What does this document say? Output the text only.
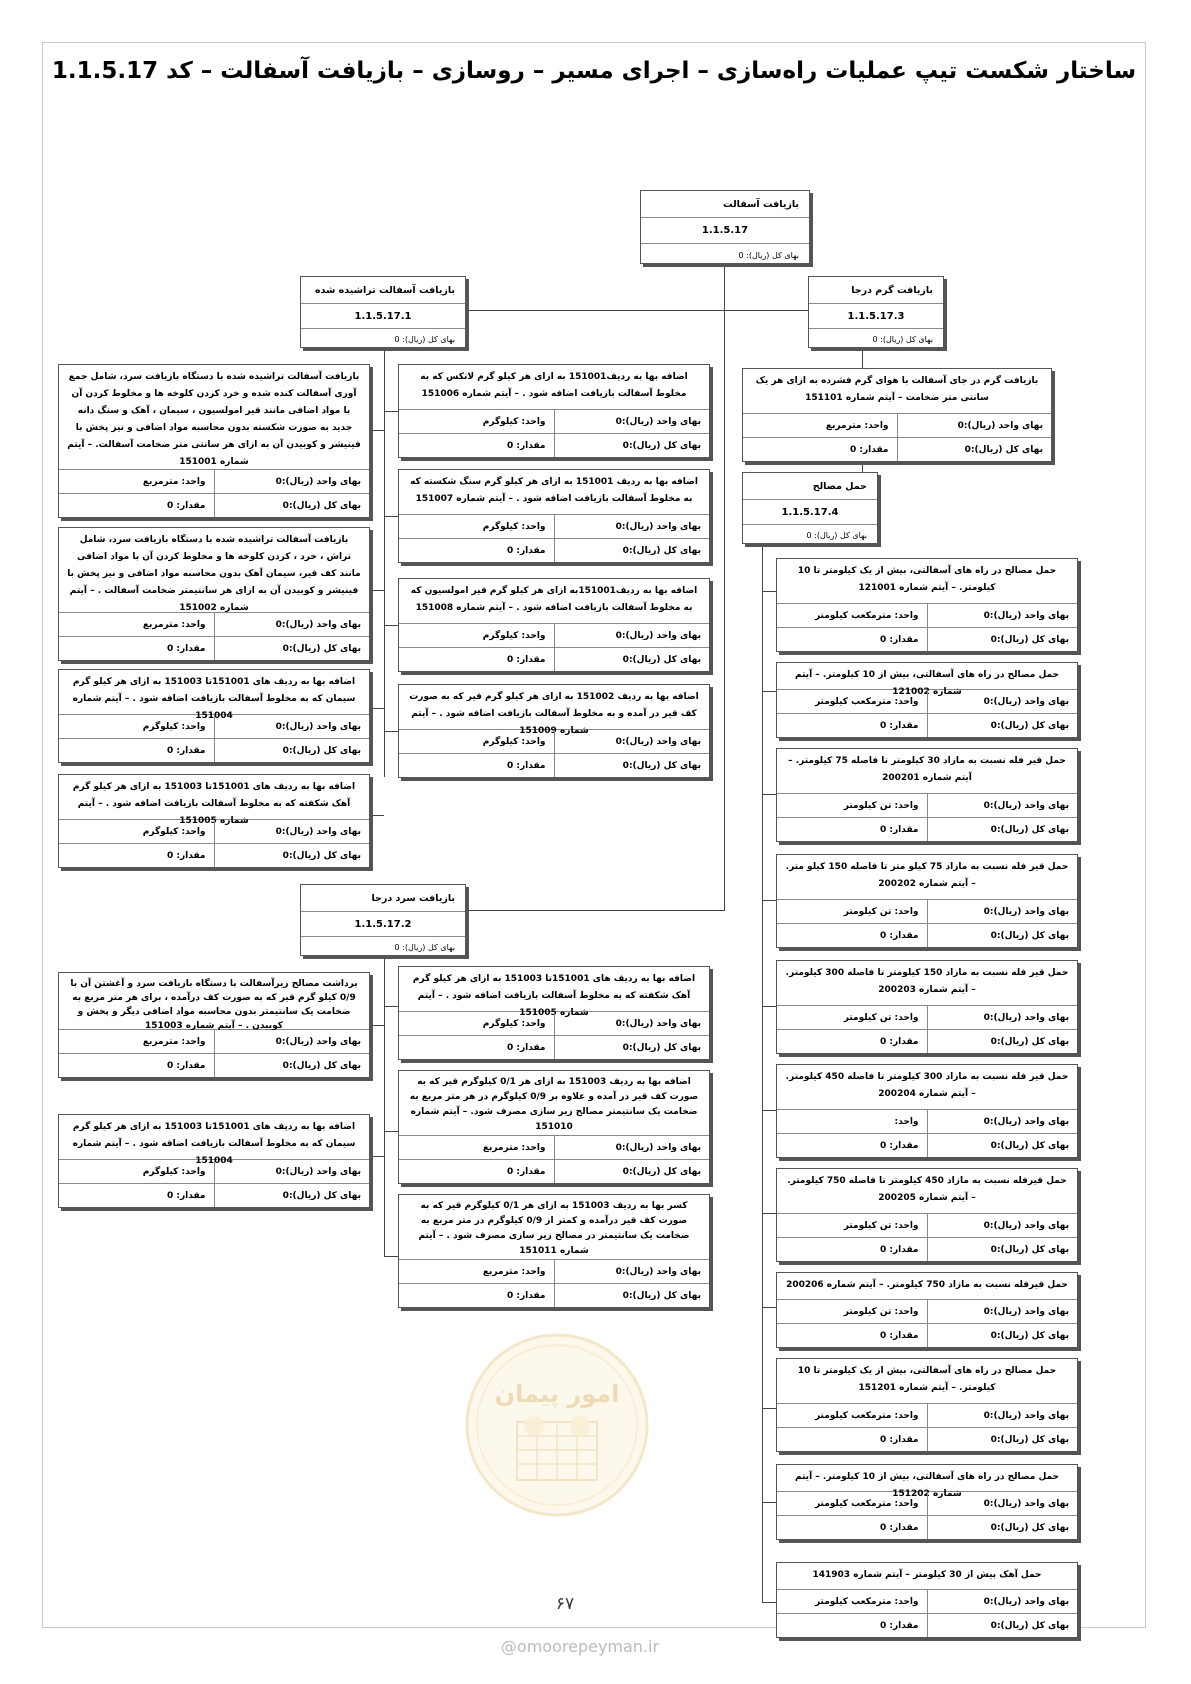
ساختار شکست تیپ عملیات راه‌سازی – اجرای مسیر – روسازی – بازیافت آسفالت – کد 1.1.5.17
بازیافت آسفالت
1.1.5.17
بهای کل (ریال): 0
بازیافت آسفالت تراشیده شده
1.1.5.17.1
بهای کل (ریال): 0
بازیافت گرم درجا
1.1.5.17.3
بهای کل (ریال): 0
بازیافت سرد درجا
1.1.5.17.2
بهای کل (ریال): 0
حمل مصالح
1.1.5.17.4
بهای کل (ریال): 0
بازیافت آسفالت تراشیده شده با دستگاه بازیافت سرد، شامل جمع آوری آسفالت کنده شده و خرد کردن کلوخه ها و مخلوط کردن آن با مواد اضافی مانند قیر امولسیون ، سیمان ، آهک و سنگ دانه جدید به صورت شکسته بدون محاسبه مواد اضافی و نیز پخش با فینیشر و کوبیدن آن به ازای هر سانتی متر ضخامت آسفالت. – آیتم شماره 151001
بهای واحد (ریال):0
واحد: مترمربع
بهای کل (ریال):0
مقدار: 0
بازیافت آسفالت تراشیده شده با دستگاه بازیافت سرد، شامل تراش ، خرد ، کردن کلوخه ها و مخلوط کردن آن با مواد اضافی مانند کف قیر، سیمان آهک بدون محاسبه مواد اضافی و نیز پخش با فینیشر و کوبیدن آن به ازای هر سانتیمتر ضخامت آسفالت . – آیتم شماره 151002
بهای واحد (ریال):0
واحد: مترمربع
بهای کل (ریال):0
مقدار: 0
اضافه بها به ردیف های 151001تا 151003 به ازای هر کیلو گرم سیمان که به مخلوط آسفالت بازیافت اضافه شود . – آیتم شماره 151004
بهای واحد (ریال):0
واحد: کیلوگرم
بهای کل (ریال):0
مقدار: 0
اضافه بها به ردیف های 151001تا 151003 به ازای هر کیلو گرم آهک شکفته که به مخلوط آسفالت بازیافت اضافه شود . – آیتم شماره 151005
بهای واحد (ریال):0
واحد: کیلوگرم
بهای کل (ریال):0
مقدار: 0
اضافه بها به ردیف151001 به ازای هر کیلو گرم لاتکس که به مخلوط آسفالت بازیافت اضافه شود . – آیتم شماره 151006
بهای واحد (ریال):0
واحد: کیلوگرم
بهای کل (ریال):0
مقدار: 0
اضافه بها به ردیف 151001 به ازای هر کیلو گرم سنگ شکسته که به مخلوط آسفالت بازیافت اضافه شود . – آیتم شماره 151007
بهای واحد (ریال):0
واحد: کیلوگرم
بهای کل (ریال):0
مقدار: 0
اضافه بها به ردیف151001به ازای هر کیلو گرم قیر امولسیون که به مخلوط آسفالت بازیافت اضافه شود . – آیتم شماره 151008
بهای واحد (ریال):0
واحد: کیلوگرم
بهای کل (ریال):0
مقدار: 0
اضافه بها به ردیف 151002 به ازای هر کیلو گرم قیر که به صورت کف قیر در آمده و به مخلوط آسفالت بازیافت اضافه شود . – آیتم شماره 151009
بهای واحد (ریال):0
واحد: کیلوگرم
بهای کل (ریال):0
مقدار: 0
بازیافت گرم در جای آسفالت با هوای گرم فشرده به ازای هر یک سانتی متر ضخامت – آیتم شماره 151101
بهای واحد (ریال):0
واحد: مترمربع
بهای کل (ریال):0
مقدار: 0
برداشت مصالح زیرآسفالت با دستگاه بازیافت سرد و آغشتن آن با 0/9 کیلو گرم قیر که به صورت کف درآمده ، برای هر متر مربع به ضخامت یک سانتیمتر بدون محاسبه مواد اضافی دیگر و پخش و کوبیدن . – آیتم شماره 151003
بهای واحد (ریال):0
واحد: مترمربع
بهای کل (ریال):0
مقدار: 0
اضافه بها به ردیف های 151001تا 151003 به ازای هر کیلو گرم سیمان که به مخلوط آسفالت بازیافت اضافه شود . – آیتم شماره 151004
بهای واحد (ریال):0
واحد: کیلوگرم
بهای کل (ریال):0
مقدار: 0
اضافه بها به ردیف های 151001تا 151003 به ازای هر کیلو گرم آهک شکفته که به مخلوط آسفالت بازیافت اضافه شود . – آیتم شماره 151005
بهای واحد (ریال):0
واحد: کیلوگرم
بهای کل (ریال):0
مقدار: 0
اضافه بها به ردیف 151003 به ازای هر 0/1 کیلوگرم قیر که به صورت کف قیر در آمده و علاوه بر 0/9 کیلوگرم در هر متر مربع به ضخامت یک سانتیمتر مصالح زیر سازی مصرف شود. – آیتم شماره 151010
بهای واحد (ریال):0
واحد: مترمربع
بهای کل (ریال):0
مقدار: 0
کسر بها به ردیف 151003 به ازای هر 0/1 کیلوگرم قیر که به صورت کف قیر درآمده و کمتر از 0/9 کیلوگرم در متر مربع به ضخامت یک سانتیمتر در مصالح زیر سازی مصرف شود . – آیتم شماره 151011
بهای واحد (ریال):0
واحد: مترمربع
بهای کل (ریال):0
مقدار: 0
حمل مصالح در راه های آسفالتی، بیش از یک کیلومتر تا 10 کیلومتر. – آیتم شماره 121001
بهای واحد (ریال):0
واحد: مترمکعب کیلومتر
بهای کل (ریال):0
مقدار: 0
حمل مصالح در راه های آسفالتی، بیش از 10 کیلومتر. – آیتم شماره 121002
بهای واحد (ریال):0
واحد: مترمکعب کیلومتر
بهای کل (ریال):0
مقدار: 0
حمل قیر فله نسبت به مازاد 30 کیلومتر تا فاصله 75 کیلومتر. – آیتم شماره 200201
بهای واحد (ریال):0
واحد: تن کیلومتر
بهای کل (ریال):0
مقدار: 0
حمل قیر فله نسبت به مازاد 75 کیلو متر تا فاصله 150 کیلو متر. – آیتم شماره 200202
بهای واحد (ریال):0
واحد: تن کیلومتر
بهای کل (ریال):0
مقدار: 0
حمل قیر فله نسبت به مازاد 150 کیلومتر تا فاصله 300 کیلومتر. – آیتم شماره 200203
بهای واحد (ریال):0
واحد: تن کیلومتر
بهای کل (ریال):0
مقدار: 0
حمل قیر فله نسبت به مازاد 300 کیلومتر تا فاصله 450 کیلومتر. – آیتم شماره 200204
بهای واحد (ریال):0
واحد:
بهای کل (ریال):0
مقدار: 0
حمل قیرفله نسبت به مازاد 450 کیلومتر تا فاصله 750 کیلومتر. – آیتم شماره 200205
بهای واحد (ریال):0
واحد: تن کیلومتر
بهای کل (ریال):0
مقدار: 0
حمل قیرفله نسبت به مازاد 750 کیلومتر. – آیتم شماره 200206
بهای واحد (ریال):0
واحد: تن کیلومتر
بهای کل (ریال):0
مقدار: 0
حمل مصالح در راه های آسفالتی، بیش از یک کیلومتر تا 10 کیلومتر. – آیتم شماره 151201
بهای واحد (ریال):0
واحد: مترمکعب کیلومتر
بهای کل (ریال):0
مقدار: 0
حمل مصالح در راه های آسفالتی، بیش از 10 کیلومتر. – آیتم شماره 151202
بهای واحد (ریال):0
واحد: مترمکعب کیلومتر
بهای کل (ریال):0
مقدار: 0
حمل آهک بیش از 30 کیلومتر – آیتم شماره 141903
بهای واحد (ریال):0
واحد: مترمکعب کیلومتر
بهای کل (ریال):0
مقدار: 0
امور پیمان
۶۷
@omoorepeyman.ir
